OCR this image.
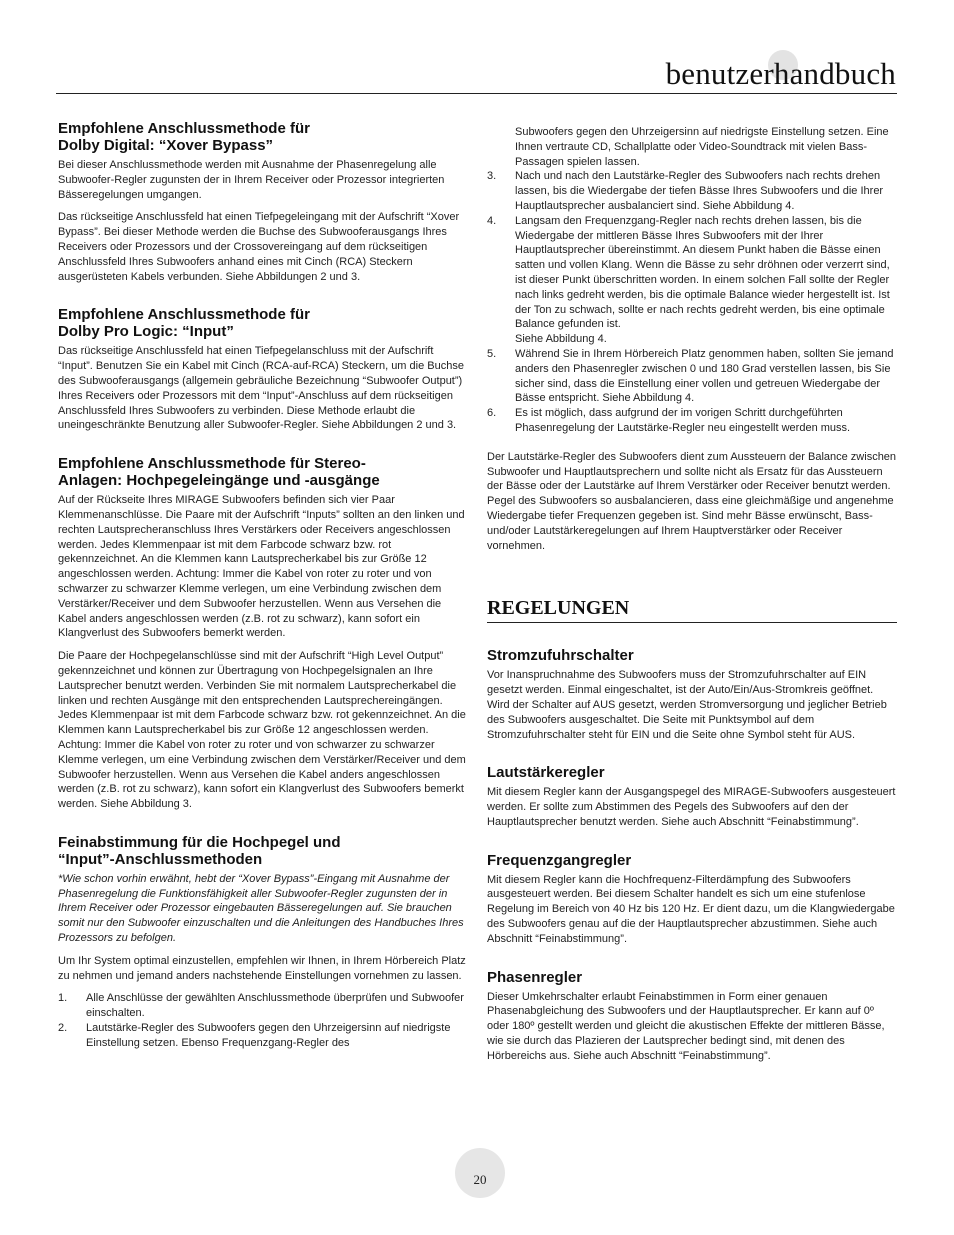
benutzerhandbuch
Empfohlene Anschlussmethode für
Dolby Digital: “Xover Bypass”

Bei dieser Anschlussmethode werden mit Ausnahme der Phasenregelung alle Subwoofer-Regler zugunsten der in Ihrem Receiver oder Prozessor integrierten Bässeregelungen umgangen.

Das rückseitige Anschlussfeld hat einen Tiefpegeleingang mit der Aufschrift “Xover Bypass”. Bei dieser Methode werden die Buchse des Subwooferausgangs Ihres Receivers oder Prozessors und der Crossovereingang auf dem rückseitigen Anschlussfeld Ihres Subwoofers anhand eines mit Cinch (RCA) Steckern ausgerüsteten Kabels verbunden. Siehe Abbildungen 2 und 3.

Empfohlene Anschlussmethode für
Dolby Pro Logic: “Input”

Das rückseitige Anschlussfeld hat einen Tiefpegelanschluss mit der Aufschrift “Input”. Benutzen Sie ein Kabel mit Cinch (RCA-auf-RCA) Steckern, um die Buchse des Subwooferausgangs (allgemein gebräuliche Bezeichnung “Subwoofer Output”) Ihres Receivers oder Prozessors mit dem “Input”-Anschluss auf dem rückseitigen Anschlussfeld Ihres Subwoofers zu verbinden. Diese Methode erlaubt die uneingeschränkte Benutzung aller Subwoofer-Regler. Siehe Abbildungen 2 und 3.

Empfohlene Anschlussmethode für Stereo-
Anlagen: Hochpegeleingänge und -ausgänge

Auf der Rückseite Ihres MIRAGE Subwoofers befinden sich vier Paar Klemmenanschlüsse. Die Paare mit der Aufschrift “Inputs” sollten an den linken und rechten Lautsprecheranschluss Ihres Verstärkers oder Receivers angeschlossen werden. Jedes Klemmenpaar ist mit dem Farbcode schwarz bzw. rot gekennzeichnet. An die Klemmen kann Lautsprecherkabel bis zur Größe 12 angeschlossen werden. Achtung: Immer die Kabel von roter zu roter und von schwarzer zu schwarzer Klemme verlegen, um eine Verbindung zwischen dem Verstärker/Receiver und dem Subwoofer herzustellen. Wenn aus Versehen die Kabel anders angeschlossen werden (z.B. rot zu schwarz), kann sofort ein Klangverlust des Subwoofers bemerkt werden.

Die Paare der Hochpegelanschlüsse sind mit der Aufschrift “High Level Output” gekennzeichnet und können zur Übertragung von Hochpegelsignalen an Ihre Lautsprecher benutzt werden. Verbinden Sie mit normalem Lautsprecherkabel die linken und rechten Ausgänge mit den entsprechenden Lautsprechereingängen. Jedes Klemmenpaar ist mit dem Farbcode schwarz bzw. rot gekennzeichnet. An die Klemmen kann Lautsprecherkabel bis zur Größe 12 angeschlossen werden. Achtung: Immer die Kabel von roter zu roter und von schwarzer zu schwarzer Klemme verlegen, um eine Verbindung zwischen dem Verstärker/Receiver und dem Subwoofer herzustellen. Wenn aus Versehen die Kabel anders angeschlossen werden (z.B. rot zu schwarz), kann sofort ein Klangverlust des Subwoofers bemerkt werden. Siehe Abbildung 3.

Feinabstimmung für die Hochpegel und
“Input”-Anschlussmethoden

*Wie schon vorhin erwähnt, hebt der “Xover Bypass”-Eingang mit Ausnahme der Phasenregelung die Funktionsfähigkeit aller Subwoofer-Regler zugunsten der in Ihrem Receiver oder Prozessor eingebauten Bässeregelungen auf. Sie brauchen somit nur den Subwoofer einzuschalten und die Anleitungen des Handbuches Ihres Prozessors zu befolgen.

Um Ihr System optimal einzustellen, empfehlen wir Ihnen, in Ihrem Hörbereich Platz zu nehmen und jemand anders nachstehende Einstellungen vornehmen zu lassen.

1. Alle Anschlüsse der gewählten Anschlussmethode überprüfen und Subwoofer einschalten.
2. Lautstärke-Regler des Subwoofers gegen den Uhrzeigersinn auf niedrigste Einstellung setzen. Ebenso Frequenzgang-Regler des
Subwoofers gegen den Uhrzeigersinn auf niedrigste Einstellung setzen. Eine Ihnen vertraute CD, Schallplatte oder Video-Soundtrack mit vielen Bass-Passagen spielen lassen.
3. Nach und nach den Lautstärke-Regler des Subwoofers nach rechts drehen lassen, bis die Wiedergabe der tiefen Bässe Ihres Subwoofers und die Ihrer Hauptlautsprecher ausbalanciert sind. Siehe Abbildung 4.
4. Langsam den Frequenzgang-Regler nach rechts drehen lassen, bis die Wiedergabe der mittleren Bässe Ihres Subwoofers mit der Ihrer Hauptlautsprecher übereinstimmt. An diesem Punkt haben die Bässe einen satten und vollen Klang. Wenn die Bässe zu sehr dröhnen oder verzerrt sind, ist dieser Punkt überschritten worden. In einem solchen Fall sollte der Regler nach links gedreht werden, bis die optimale Balance wieder hergestellt ist. Ist der Ton zu schwach, sollte er nach rechts gedreht werden, bis eine optimale Balance gefunden ist.
Siehe Abbildung 4.
5. Während Sie in Ihrem Hörbereich Platz genommen haben, sollten Sie jemand anders den Phasenregler zwischen 0 und 180 Grad verstellen lassen, bis Sie sicher sind, dass die Einstellung einer vollen und getreuen Wiedergabe der Bässe entspricht. Siehe Abbildung 4.
6. Es ist möglich, dass aufgrund der im vorigen Schritt durchgeführten Phasenregelung der Lautstärke-Regler neu eingestellt werden muss.

Der Lautstärke-Regler des Subwoofers dient zum Aussteuern der Balance zwischen Subwoofer und Hauptlautsprechern und sollte nicht als Ersatz für das Aussteuern der Bässe oder der Lautstärke auf Ihrem Verstärker oder Receiver benutzt werden. Pegel des Subwoofers so ausbalancieren, dass eine gleichmäßige und angenehme Wiedergabe tiefer Frequenzen gegeben ist. Sind mehr Bässe erwünscht, Bass- und/oder Lautstärkeregelungen auf Ihrem Hauptverstärker oder Receiver vornehmen.

REGELUNGEN
Stromzufuhrschalter

Vor Inanspruchnahme des Subwoofers muss der Stromzufuhrschalter auf EIN gesetzt werden. Einmal eingeschaltet, ist der Auto/Ein/Aus-Stromkreis geöffnet. Wird der Schalter auf AUS gesetzt, werden Stromversorgung und jeglicher Betrieb des Subwoofers ausgeschaltet. Die Seite mit Punktsymbol auf dem Stromzufuhrschalter steht für EIN und die Seite ohne Symbol steht für AUS.

Lautstärkeregler

Mit diesem Regler kann der Ausgangspegel des MIRAGE-Subwoofers ausgesteuert werden. Er sollte zum Abstimmen des Pegels des Subwoofers auf den der Hauptlautsprecher benutzt werden. Siehe auch Abschnitt “Feinabstimmung”.

Frequenzgangregler

Mit diesem Regler kann die Hochfrequenz-Filterdämpfung des Subwoofers ausgesteuert werden. Bei diesem Schalter handelt es sich um eine stufenlose Regelung im Bereich von 40 Hz bis 120 Hz. Er dient dazu, um die Klangwiedergabe des Subwoofers genau auf die der Hauptlautsprecher abzustimmen. Siehe auch Abschnitt “Feinabstimmung”.

Phasenregler

Dieser Umkehrschalter erlaubt Feinabstimmen in Form einer genauen Phasenabgleichung des Subwoofers und der Hauptlautsprecher. Er kann auf 0º oder 180º gestellt werden und gleicht die akustischen Effekte der mittleren Bässe, wie sie durch das Plazieren der Lautsprecher bedingt sind, mit denen des Hörbereichs aus. Siehe auch Abschnitt “Feinabstimmung”.

20
